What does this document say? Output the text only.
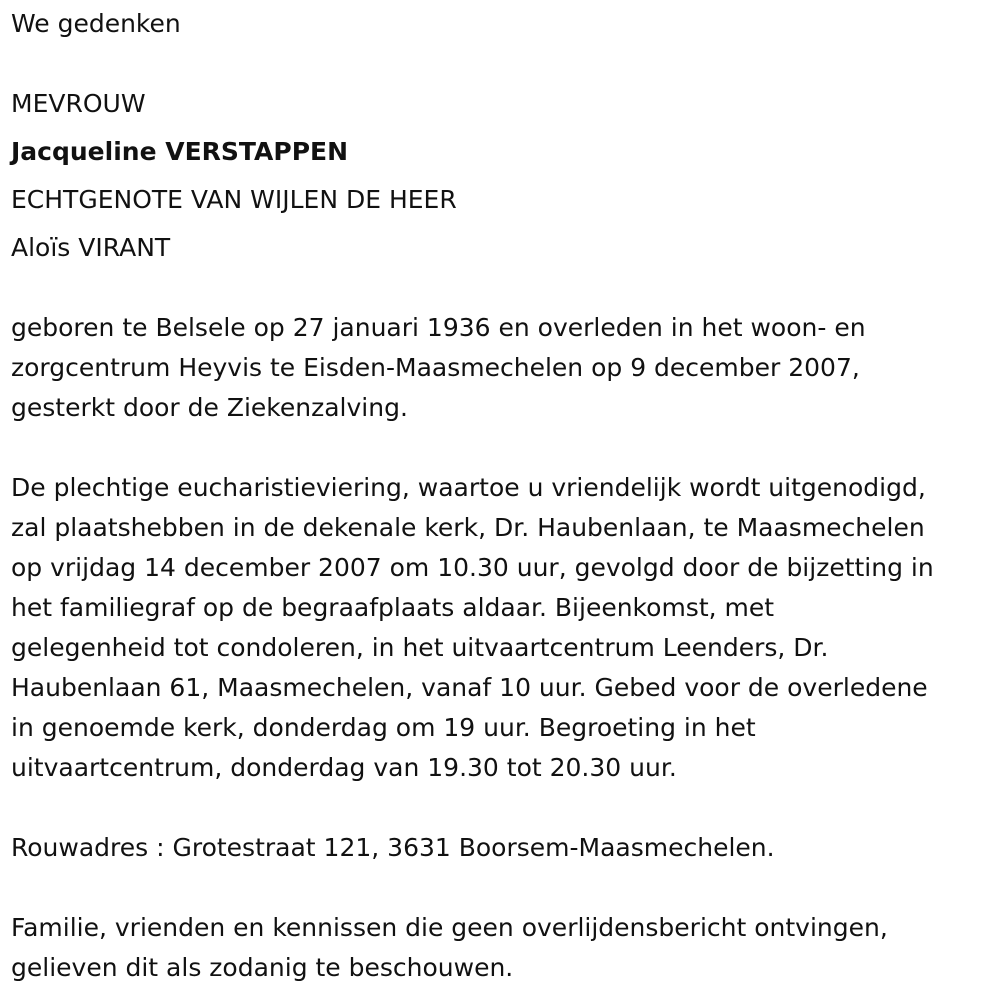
We gedenken
MEVROUW
Jacqueline VERSTAPPEN
ECHTGENOTE VAN WIJLEN DE HEER
Aloïs VIRANT

geboren te Belsele op 27 januari 1936 en overleden in het woon- en
zorgcentrum Heyvis te Eisden-Maasmechelen op 9 december 2007,
gesterkt door de Ziekenzalving.

De plechtige eucharistieviering, waartoe u vriendelijk wordt uitgenodigd,
zal plaatshebben in de dekenale kerk, Dr. Haubenlaan, te Maasmechelen
op vrijdag 14 december 2007 om 10.30 uur, gevolgd door de bijzetting in
het familiegraf op de begraafplaats aldaar. Bijeenkomst, met
gelegenheid tot condoleren, in het uitvaartcentrum Leenders, Dr.
Haubenlaan 61, Maasmechelen, vanaf 10 uur. Gebed voor de overledene
in genoemde kerk, donderdag om 19 uur. Begroeting in het
uitvaartcentrum, donderdag van 19.30 tot 20.30 uur.

Rouwadres : Grotestraat 121, 3631 Boorsem-Maasmechelen.

Familie, vrienden en kennissen die geen overlijdensbericht ontvingen,
gelieven dit als zodanig te beschouwen.
